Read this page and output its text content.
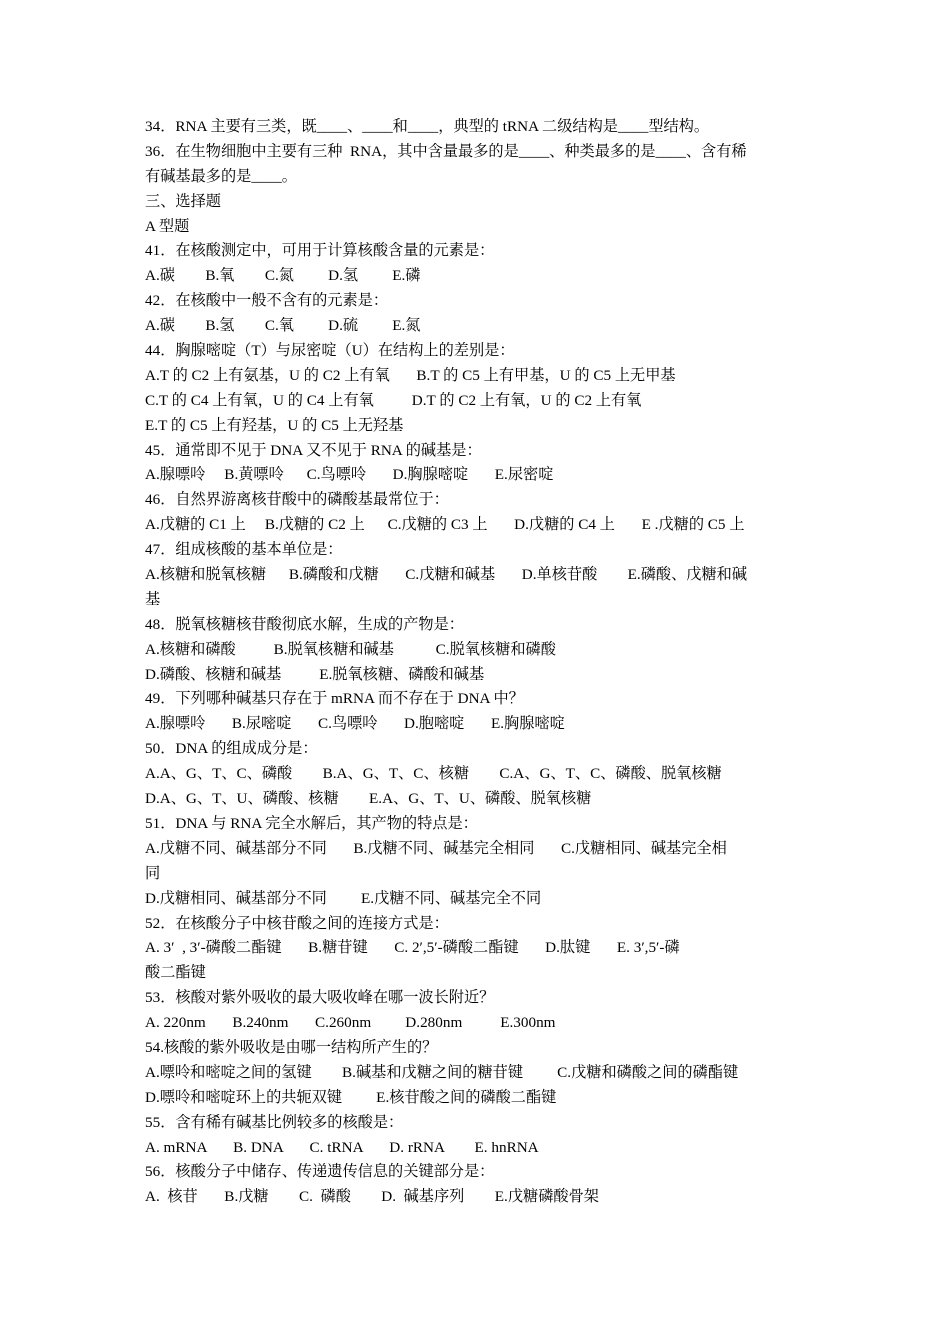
34．RNA 主要有三类，既____、____和____，典型的 tRNA 二级结构是____型结构。
36．在生物细胞中主要有三种  RNA，其中含量最多的是____、种类最多的是____、含有稀
有碱基最多的是____。
三、选择题
A 型题
41．在核酸测定中，可用于计算核酸含量的元素是：
A.碳        B.氧        C.氮         D.氢         E.磷
42．在核酸中一般不含有的元素是：
A.碳        B.氢        C.氧         D.硫         E.氮
44．胸腺嘧啶（T）与尿密啶（U）在结构上的差别是：
A.T 的 C2 上有氨基，U 的 C2 上有氧       B.T 的 C5 上有甲基，U 的 C5 上无甲基
C.T 的 C4 上有氧，U 的 C4 上有氧          D.T 的 C2 上有氧，U 的 C2 上有氧
E.T 的 C5 上有羟基，U 的 C5 上无羟基
45．通常即不见于 DNA 又不见于 RNA 的碱基是：
A.腺嘌呤     B.黄嘌呤      C.鸟嘌呤       D.胸腺嘧啶       E.尿密啶
46．自然界游离核苷酸中的磷酸基最常位于：
A.戊糖的 C1 上     B.戊糖的 C2 上      C.戊糖的 C3 上       D.戊糖的 C4 上       E .戊糖的 C5 上
47．组成核酸的基本单位是：
A.核糖和脱氧核糖      B.磷酸和戊糖       C.戊糖和碱基       D.单核苷酸        E.磷酸、戊糖和碱
基
48．脱氧核糖核苷酸彻底水解，生成的产物是：
A.核糖和磷酸          B.脱氧核糖和碱基           C.脱氧核糖和磷酸
D.磷酸、核糖和碱基          E.脱氧核糖、磷酸和碱基
49．下列哪种碱基只存在于 mRNA 而不存在于 DNA 中？
A.腺嘌呤       B.尿嘧啶       C.鸟嘌呤       D.胞嘧啶       E.胸腺嘧啶
50．DNA 的组成成分是：
A.A、G、T、C、磷酸        B.A、G、T、C、核糖        C.A、G、T、C、磷酸、脱氧核糖
D.A、G、T、U、磷酸、核糖        E.A、G、T、U、磷酸、脱氧核糖
51．DNA 与 RNA 完全水解后，其产物的特点是：
A.戊糖不同、碱基部分不同       B.戊糖不同、碱基完全相同       C.戊糖相同、碱基完全相
同
D.戊糖相同、碱基部分不同         E.戊糖不同、碱基完全不同
52．在核酸分子中核苷酸之间的连接方式是：
A. 3′  , 3′-磷酸二酯键       B.糖苷键       C. 2′,5′-磷酸二酯键       D.肽键       E. 3′,5′-磷
酸二酯键
53．核酸对紫外吸收的最大吸收峰在哪一波长附近？
A. 220nm       B.240nm       C.260nm         D.280nm          E.300nm
54.核酸的紫外吸收是由哪一结构所产生的？
A.嘌呤和嘧啶之间的氢键        B.碱基和戊糖之间的糖苷键         C.戊糖和磷酸之间的磷酯键
D.嘌呤和嘧啶环上的共轭双键         E.核苷酸之间的磷酸二酯键
55．含有稀有碱基比例较多的核酸是：
A. mRNA       B. DNA       C. tRNA       D. rRNA        E. hnRNA
56．核酸分子中储存、传递遗传信息的关键部分是：
A.  核苷       B.戊糖        C.  磷酸        D.  碱基序列        E.戊糖磷酸骨架
